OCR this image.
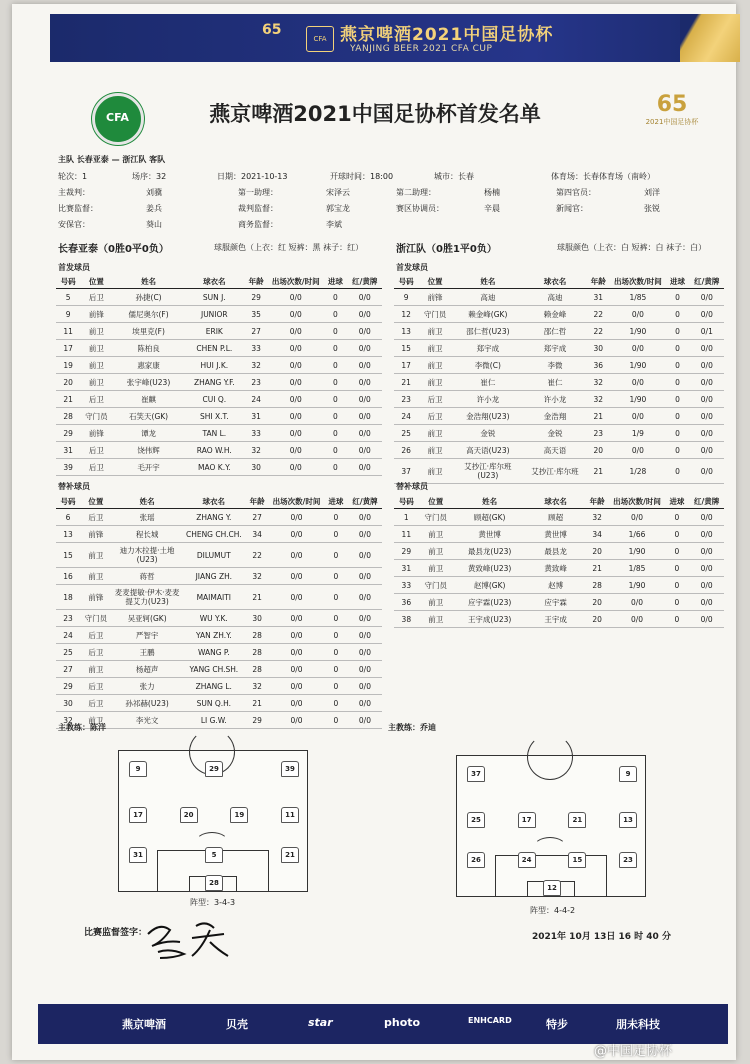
65
CFA 燕京啤酒2021中国足协杯
YANJING BEER 2021 CFA CUP
CFA	燕京啤酒2021中国足协杯首发名单	65
2021中国足协杯
主队 长春亚泰 — 浙江队 客队
轮次：1	场序：32	日期：2021-10-13	开球时间：18:00	城市：长春	体育场：长春体育场（南岭）
主裁判：	刘骥	第一助理：	宋泽云	第二助理：	杨楠	第四官员：	刘洋
比赛监督：	姜兵	裁判监督：	郭宝龙	赛区协调员：	辛晨	新闻官：	张锐
安保官：	葵山	商务监督：	李斌
长春亚泰（0胜0平0负）	球服颜色（上衣：红 短裤：黑 袜子：红）	浙江队（0胜1平0负）	球服颜色（上衣：白 短裤：白 袜子：白）
首发球员	首发球员
号码	位置	姓名	球衣名	年龄	出场次数/时间	进球	红/黄牌
5	后卫	孙捷(C)	SUN J.	29	0/0	0	0/0
9	前锋	儒尼奥尔(F)	JUNIOR	35	0/0	0	0/0
11	前卫	埃里克(F)	ERIK	27	0/0	0	0/0
17	前卫	陈柏良	CHEN P.L.	33	0/0	0	0/0
19	前卫	惠家康	HUI J.K.	32	0/0	0	0/0
20	前卫	张宇峰(U23)	ZHANG Y.F.	23	0/0	0	0/0
21	后卫	崔麒	CUI Q.	24	0/0	0	0/0
28	守门员	石笑天(GK)	SHI X.T.	31	0/0	0	0/0
29	前锋	谭龙	TAN L.	33	0/0	0	0/0
31	后卫	饶伟辉	RAO W.H.	32	0/0	0	0/0
39	后卫	毛开宇	MAO K.Y.	30	0/0	0	0/0
号码	位置	姓名	球衣名	年龄	出场次数/时间	进球	红/黄牌
9	前锋	高迪	高迪	31	1/85	0	0/0
12	守门员	赖金峰(GK)	赖金峰	22	0/0	0	0/0
13	前卫	邵仁哲(U23)	邵仁哲	22	1/90	0	0/1
15	前卫	郑宇成	郑宇成	30	0/0	0	0/0
17	前卫	李微(C)	李微	36	1/90	0	0/0
21	前卫	崔仁	崔仁	32	0/0	0	0/0
23	后卫	许小龙	许小龙	32	1/90	0	0/0
24	后卫	金浩翔(U23)	金浩翔	21	0/0	0	0/0
25	前卫	金锐	金锐	23	1/9	0	0/0
26	前卫	高天语(U23)	高天语	20	0/0	0	0/0
37	前卫	艾抄江·库尔班(U23)	艾抄江·库尔班	21	1/28	0	0/0
替补球员	替补球员
号码	位置	姓名	球衣名	年龄	出场次数/时间	进球	红/黄牌
6	后卫	张瑶	ZHANG Y.	27	0/0	0	0/0
13	前锋	程长城	CHENG CH.CH.	34	0/0	0	0/0
15	前卫	迪力木拉提·土地(U23)	DILUMUT	22	0/0	0	0/0
16	前卫	蒋哲	JIANG ZH.	32	0/0	0	0/0
18	前锋	麦麦提敏·伊木·麦麦提艾力(U23)	MAIMAITI	21	0/0	0	0/0
23	守门员	吴亚轲(GK)	WU Y.K.	30	0/0	0	0/0
24	后卫	严智宇	YAN ZH.Y.	28	0/0	0	0/0
25	后卫	王鹏	WANG P.	28	0/0	0	0/0
27	前卫	杨超声	YANG CH.SH.	28	0/0	0	0/0
29	后卫	张力	ZHANG L.	32	0/0	0	0/0
30	后卫	孙祁赫(U23)	SUN Q.H.	21	0/0	0	0/0
32	前卫	李光文	LI G.W.	29	0/0	0	0/0
号码	位置	姓名	球衣名	年龄	出场次数/时间	进球	红/黄牌
1	守门员	顾超(GK)	顾超	32	0/0	0	0/0
11	前卫	黄世博	黄世博	34	1/66	0	0/0
29	前卫	最县龙(U23)	最县龙	20	1/90	0	0/0
31	前卫	黄致峰(U23)	黄致峰	21	1/85	0	0/0
33	守门员	赵博(GK)	赵博	28	1/90	0	0/0
36	前卫	应宇霖(U23)	应宇霖	20	0/0	0	0/0
38	前卫	王宇成(U23)	王宇成	20	0/0	0	0/0
主教练：陈洋	主教练：乔迪
9	29	39
17	20	19	11
31	5	21
28
阵型：3-4-3
37	9
25	17	21	13
26	24	15	23
12
阵型：4-4-2
比赛监督签字：	2021年 10月 13日 16 时 40 分
燕京啤酒	贝壳	star	photo	ENHCARD	特步	朋未科技
@中国足协杯
